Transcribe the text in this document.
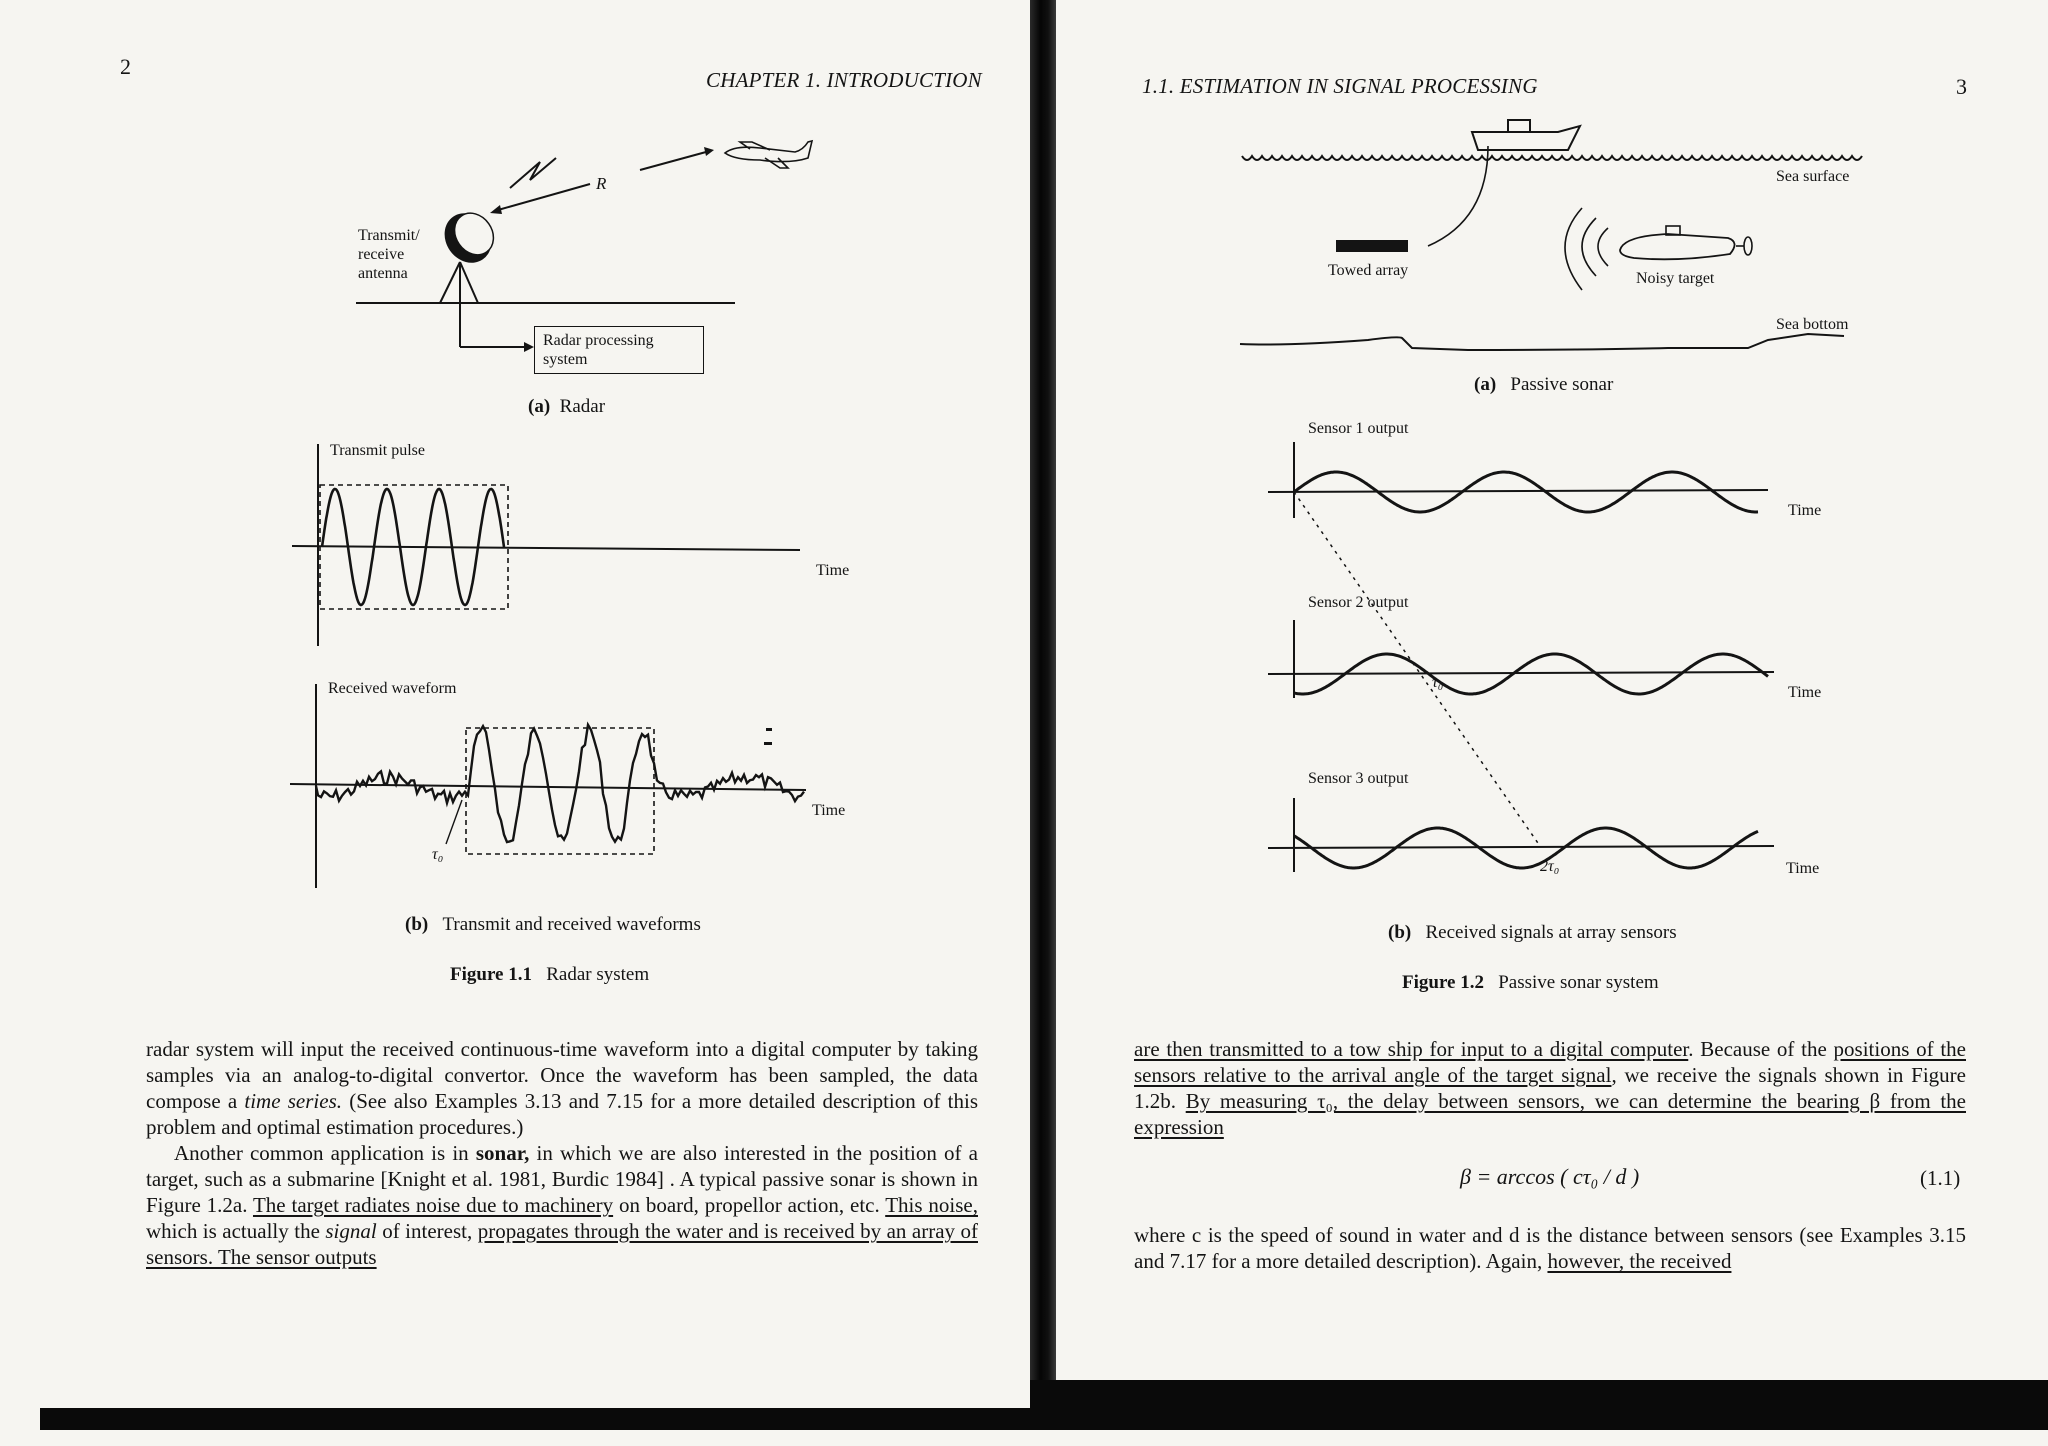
2
CHAPTER 1. INTRODUCTION
R
Transmit/
receive
antenna
Radar processing
system
(a) Radar
Transmit pulse
Time
Received waveform
Time
τ₀
(b) Transmit and received waveforms
Figure 1.1 Radar system

radar system will input the received continuous-time waveform into a digital computer by taking samples via an analog-to-digital convertor. Once the waveform has been sampled, the data compose a time series. (See also Examples 3.13 and 7.15 for a more detailed description of this problem and optimal estimation procedures.)

Another common application is in sonar, in which we are also interested in the position of a target, such as a submarine [Knight et al. 1981, Burdic 1984] . A typical passive sonar is shown in Figure 1.2a. The target radiates noise due to machinery on board, propellor action, etc. This noise, which is actually the signal of interest, propagates through the water and is received by an array of sensors. The sensor outputs

1.1. ESTIMATION IN SIGNAL PROCESSING	3
Sea surface
Towed array	Noisy target
Sea bottom
(a) Passive sonar
Sensor 1 output
Time
Sensor 2 output
τ₀
Time
Sensor 3 output
2τ₀	Time
(b) Received signals at array sensors
Figure 1.2 Passive sonar system

are then transmitted to a tow ship for input to a digital computer. Because of the positions of the sensors relative to the arrival angle of the target signal, we receive the signals shown in Figure 1.2b. By measuring τ₀, the delay between sensors, we can determine the bearing β from the expression

β = arccos ( cτ₀ / d )	(1.1)

where c is the speed of sound in water and d is the distance between sensors (see Examples 3.15 and 7.17 for a more detailed description). Again, however, the received
